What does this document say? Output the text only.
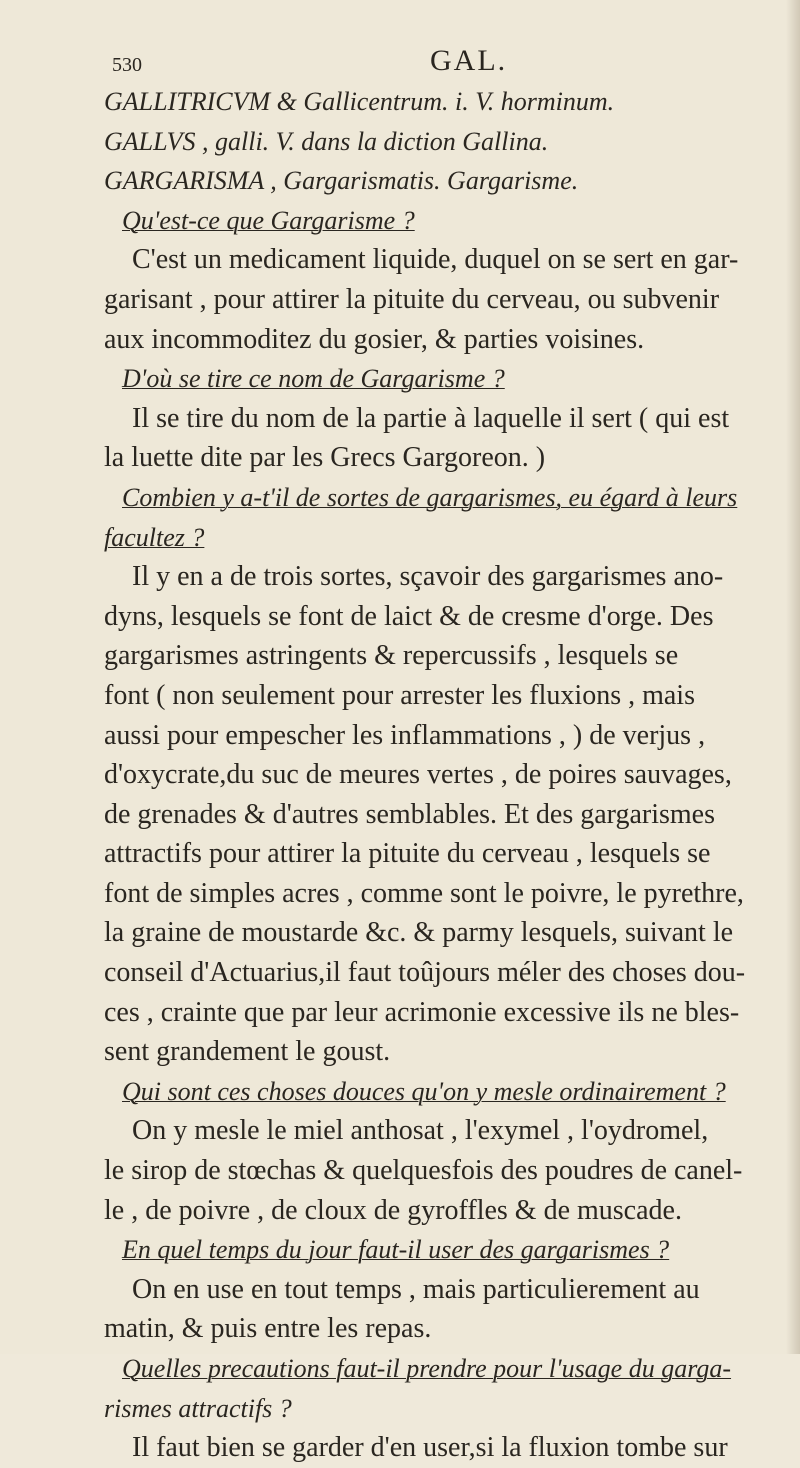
530	GAL.
GALLITRICVM & Gallicentrum. i. V. horminum.
GALLVS , galli. V. dans la diction Gallina.
GARGARISMA , Gargarismatis. Gargarisme.
Qu'est-ce que Gargarisme ?
C'est un medicament liquide, duquel on se sert en gar-
garisant , pour attirer la pituite du cerveau, ou subvenir
aux incommoditez du gosier, & parties voisines.
D'où se tire ce nom de Gargarisme ?
Il se tire du nom de la partie à laquelle il sert ( qui est
la luette dite par les Grecs Gargoreon. )
Combien y a-t'il de sortes de gargarismes, eu égard à leurs
facultez ?
Il y en a de trois sortes, sçavoir des gargarismes ano-
dyns, lesquels se font de laict & de cresme d'orge. Des
gargarismes astringents & repercussifs , lesquels se
font ( non seulement pour arrester les fluxions , mais
aussi pour empescher les inflammations , ) de verjus ,
d'oxycrate,du suc de meures vertes , de poires sauvages,
de grenades & d'autres semblables. Et des gargarismes
attractifs pour attirer la pituite du cerveau , lesquels se
font de simples acres , comme sont le poivre, le pyrethre,
la graine de moustarde &c. & parmy lesquels, suivant le
conseil d'Actuarius,il faut toûjours méler des choses dou-
ces , crainte que par leur acrimonie excessive ils ne bles-
sent grandement le goust.
Qui sont ces choses douces qu'on y mesle ordinairement ?
On y mesle le miel anthosat , l'exymel , l'oydromel,
le sirop de stœchas & quelquesfois des poudres de canel-
le , de poivre , de cloux de gyroffles & de muscade.
En quel temps du jour faut-il user des gargarismes ?
On en use en tout temps , mais particulierement au
matin, & puis entre les repas.
Quelles precautions faut-il prendre pour l'usage du garga-
rismes attractifs ?
Il faut bien se garder d'en user,si la fluxion tombe sur
